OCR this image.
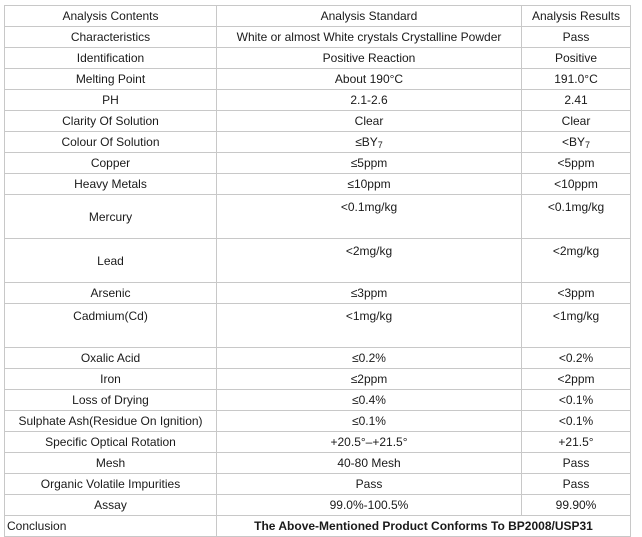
Analysis Contents	Analysis Standard	Analysis Results
Characteristics	White or almost White crystals Crystalline Powder	Pass
Identification	Positive Reaction	Positive
Melting Point	About 190°C	191.0°C
PH	2.1-2.6	2.41
Clarity Of Solution	Clear	Clear
Colour Of Solution	$\le BY_7$	$<BY_7$
Copper	≤5ppm	<5ppm
Heavy Metals	≤10ppm	<10ppm
Mercury	<0.1mg/kg	<0.1mg/kg
Lead	<2mg/kg	<2mg/kg
Arsenic	≤3ppm	<3ppm
Cadmium(Cd)	<1mg/kg	<1mg/kg
Oxalic Acid	≤0.2%	<0.2%
Iron	≤2ppm	<2ppm
Loss of Drying	≤0.4%	<0.1%
Sulphate Ash(Residue On Ignition)	≤0.1%	<0.1%
Specific Optical Rotation	+20.5°–+21.5°	+21.5°
Mesh	40-80 Mesh	Pass
Organic Volatile Impurities	Pass	Pass
Assay	99.0%-100.5%	99.90%
Conclusion	The Above-Mentioned Product Conforms To BP2008/USP31	
